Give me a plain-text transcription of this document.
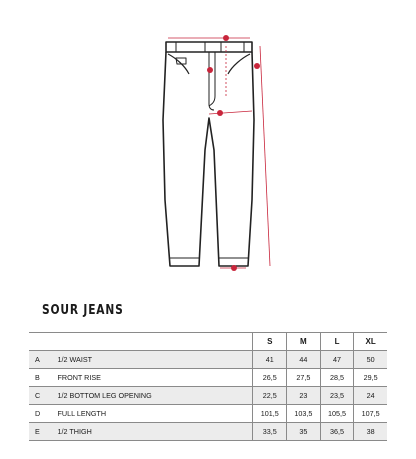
SOUR JEANS
		S	M	L	XL
A	1/2 WAIST	41	44	47	50
B	FRONT RISE	26,5	27,5	28,5	29,5
C	1/2 BOTTOM LEG OPENING	22,5	23	23,5	24
D	FULL LENGTH	101,5	103,5	105,5	107,5
E	1/2 THIGH	33,5	35	36,5	38
